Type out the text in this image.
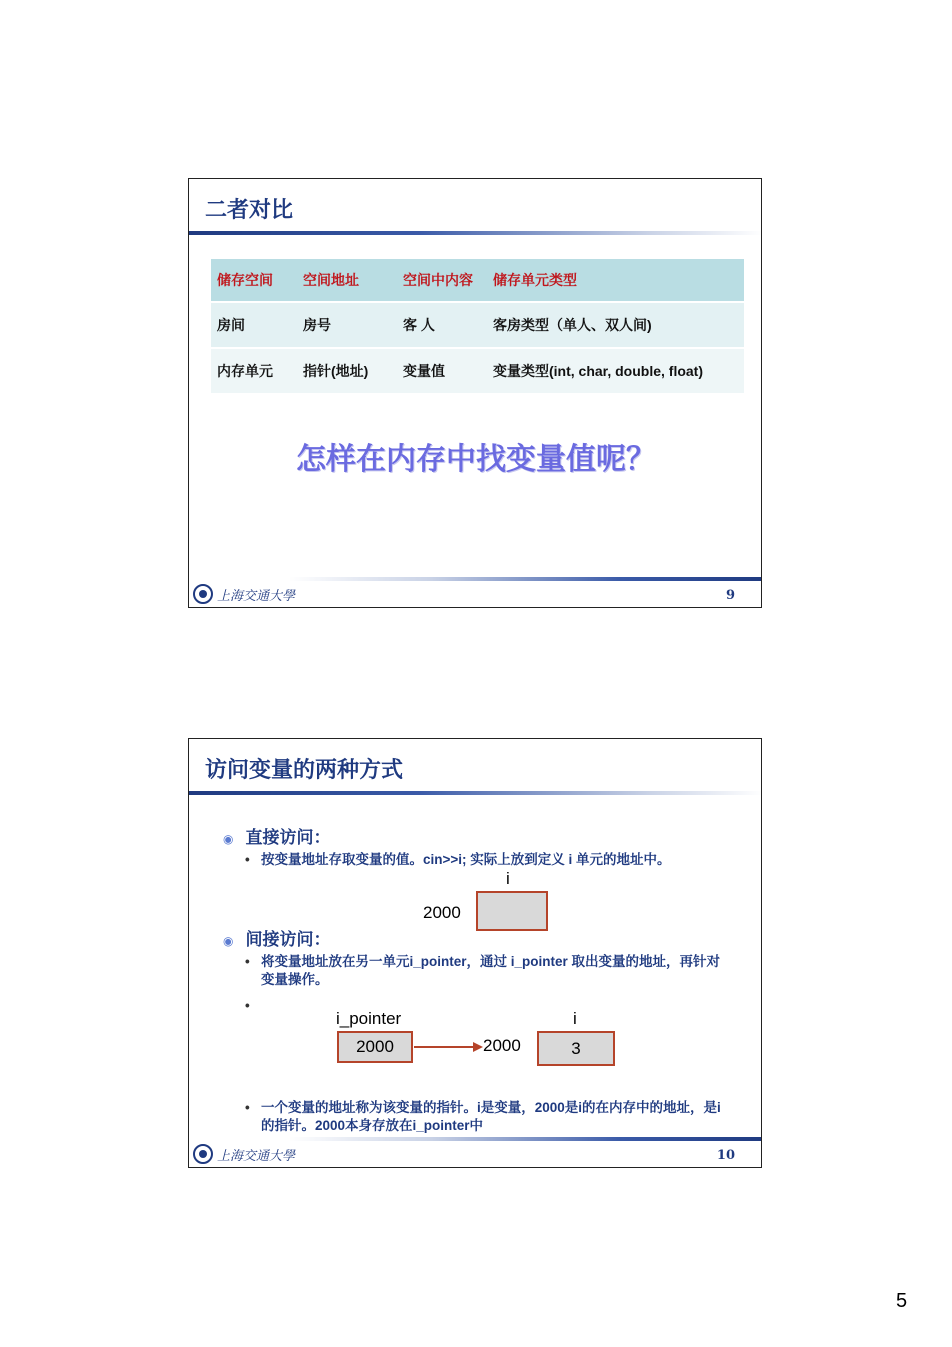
二者对比
储存空间	空间地址	空间中内容	储存单元类型
房间	房号	客 人	客房类型（单人、双人间)
内存单元	指针(地址)	变量值	变量类型(int, char, double, float)
怎样在内存中找变量值呢？
上海交通大學	9
访问变量的两种方式
◉ 直接访问：
• 按变量地址存取变量的值。cin>>i; 实际上放到定义 i 单元的地址中。
i
2000
◉ 间接访问：
• 将变量地址放在另一单元i_pointer，通过 i_pointer 取出变量的地址，再针对变量操作。
•
i_pointer	i
2000	2000	3
• 一个变量的地址称为该变量的指针。i是变量，2000是i的在内存中的地址，是i的指针。2000本身存放在i_pointer中
上海交通大學	10
5
